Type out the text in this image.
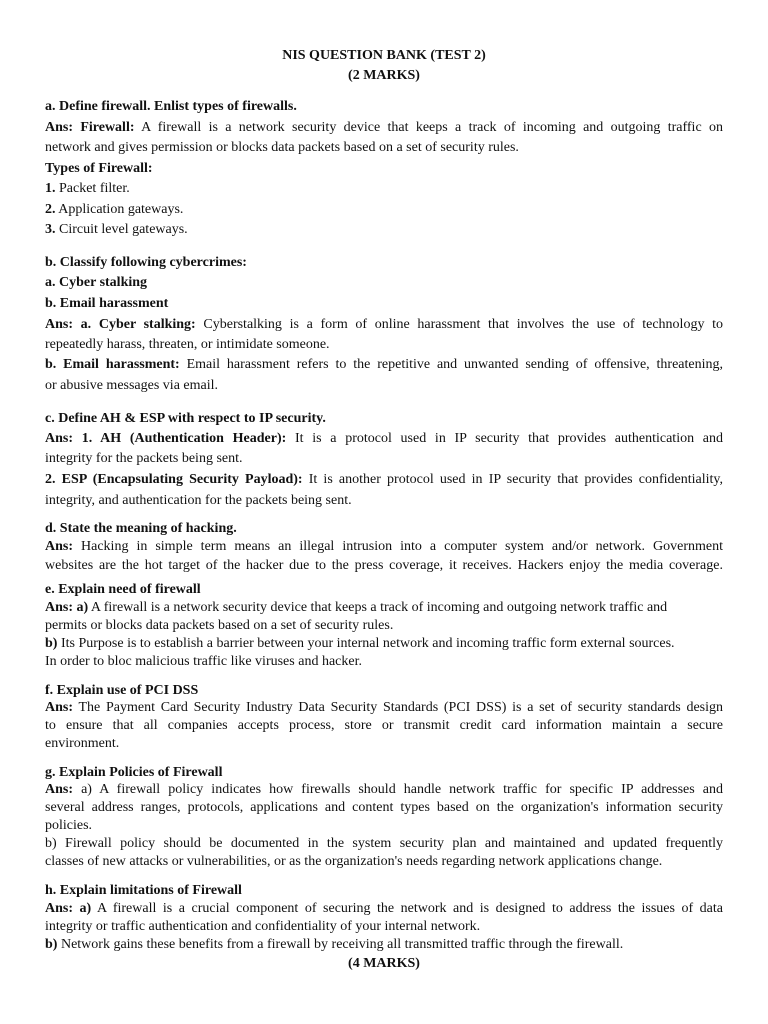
NIS QUESTION BANK (TEST 2)
(2 MARKS)
a. Define firewall. Enlist types of firewalls.
Ans: Firewall: A firewall is a network security device that keeps a track of incoming and outgoing traffic on
network and gives permission or blocks data packets based on a set of security rules.
Types of Firewall:
1. Packet filter.
2. Application gateways.
3. Circuit level gateways.
b. Classify following cybercrimes:
a. Cyber stalking
b. Email harassment
Ans: a. Cyber stalking: Cyberstalking is a form of online harassment that involves the use of technology to
repeatedly harass, threaten, or intimidate someone.
b. Email harassment: Email harassment refers to the repetitive and unwanted sending of offensive, threatening,
or abusive messages via email.
c. Define AH & ESP with respect to IP security.
Ans: 1. AH (Authentication Header): It is a protocol used in IP security that provides authentication and
integrity for the packets being sent.
2. ESP (Encapsulating Security Payload): It is another protocol used in IP security that provides confidentiality,
integrity, and authentication for the packets being sent.
d. State the meaning of hacking.
Ans: Hacking in simple term means an illegal intrusion into a computer system and/or network. Government
websites are the hot target of the hacker due to the press coverage, it receives. Hackers enjoy the media coverage.
e. Explain need of firewall
Ans: a) A firewall is a network security device that keeps a track of incoming and outgoing network traffic and
permits or blocks data packets based on a set of security rules.
b) Its Purpose is to establish a barrier between your internal network and incoming traffic form external sources.
In order to bloc malicious traffic like viruses and hacker.
f. Explain use of PCI DSS
Ans: The Payment Card Security Industry Data Security Standards (PCI DSS) is a set of security standards design
to ensure that all companies accepts process, store or transmit credit card information maintain a secure
environment.
g. Explain Policies of Firewall
Ans: a) A firewall policy indicates how firewalls should handle network traffic for specific IP addresses and
several address ranges, protocols, applications and content types based on the organization's information security
policies.
b) Firewall policy should be documented in the system security plan and maintained and updated frequently
classes of new attacks or vulnerabilities, or as the organization's needs regarding network applications change.
h. Explain limitations of Firewall
Ans: a) A firewall is a crucial component of securing the network and is designed to address the issues of data
integrity or traffic authentication and confidentiality of your internal network.
b) Network gains these benefits from a firewall by receiving all transmitted traffic through the firewall.
(4 MARKS)
